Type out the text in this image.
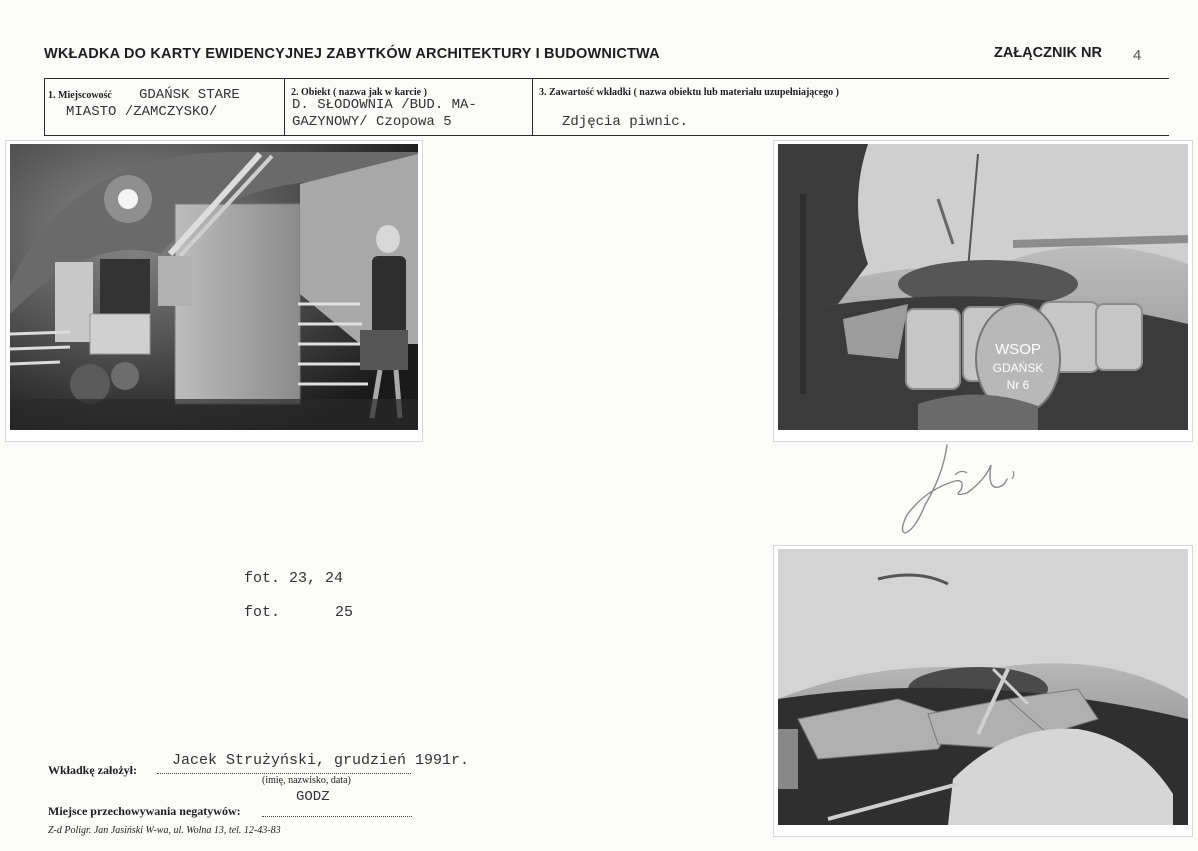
WKŁADKA DO KARTY EWIDENCYJNEJ ZABYTKÓW ARCHITEKTURY I BUDOWNICTWA	ZAŁĄCZNIK NR 4
1. Miejscowość GDAŃSK STARE
MIASTO /ZAMCZYSKO/
2. Obiekt ( nazwa jak w karcie )
D. SŁODOWNIA /BUD. MA-
GAZYNOWY/ Czopowa 5
3. Zawartość wkładki ( nazwa obiektu lub materiału uzupełniającego )
Zdjęcia piwnic.
WSOP
GDAŃSK
Nr 6
fot. 23, 24
fot.	25
Wkładkę założył:
Jacek Strużyński, grudzień 1991r.
(imię, nazwisko, data)
GODZ
Miejsce przechowywania negatywów:
Z-d Poligr. Jan Jasiński W-wa, ul. Wolna 13, tel. 12-43-83
